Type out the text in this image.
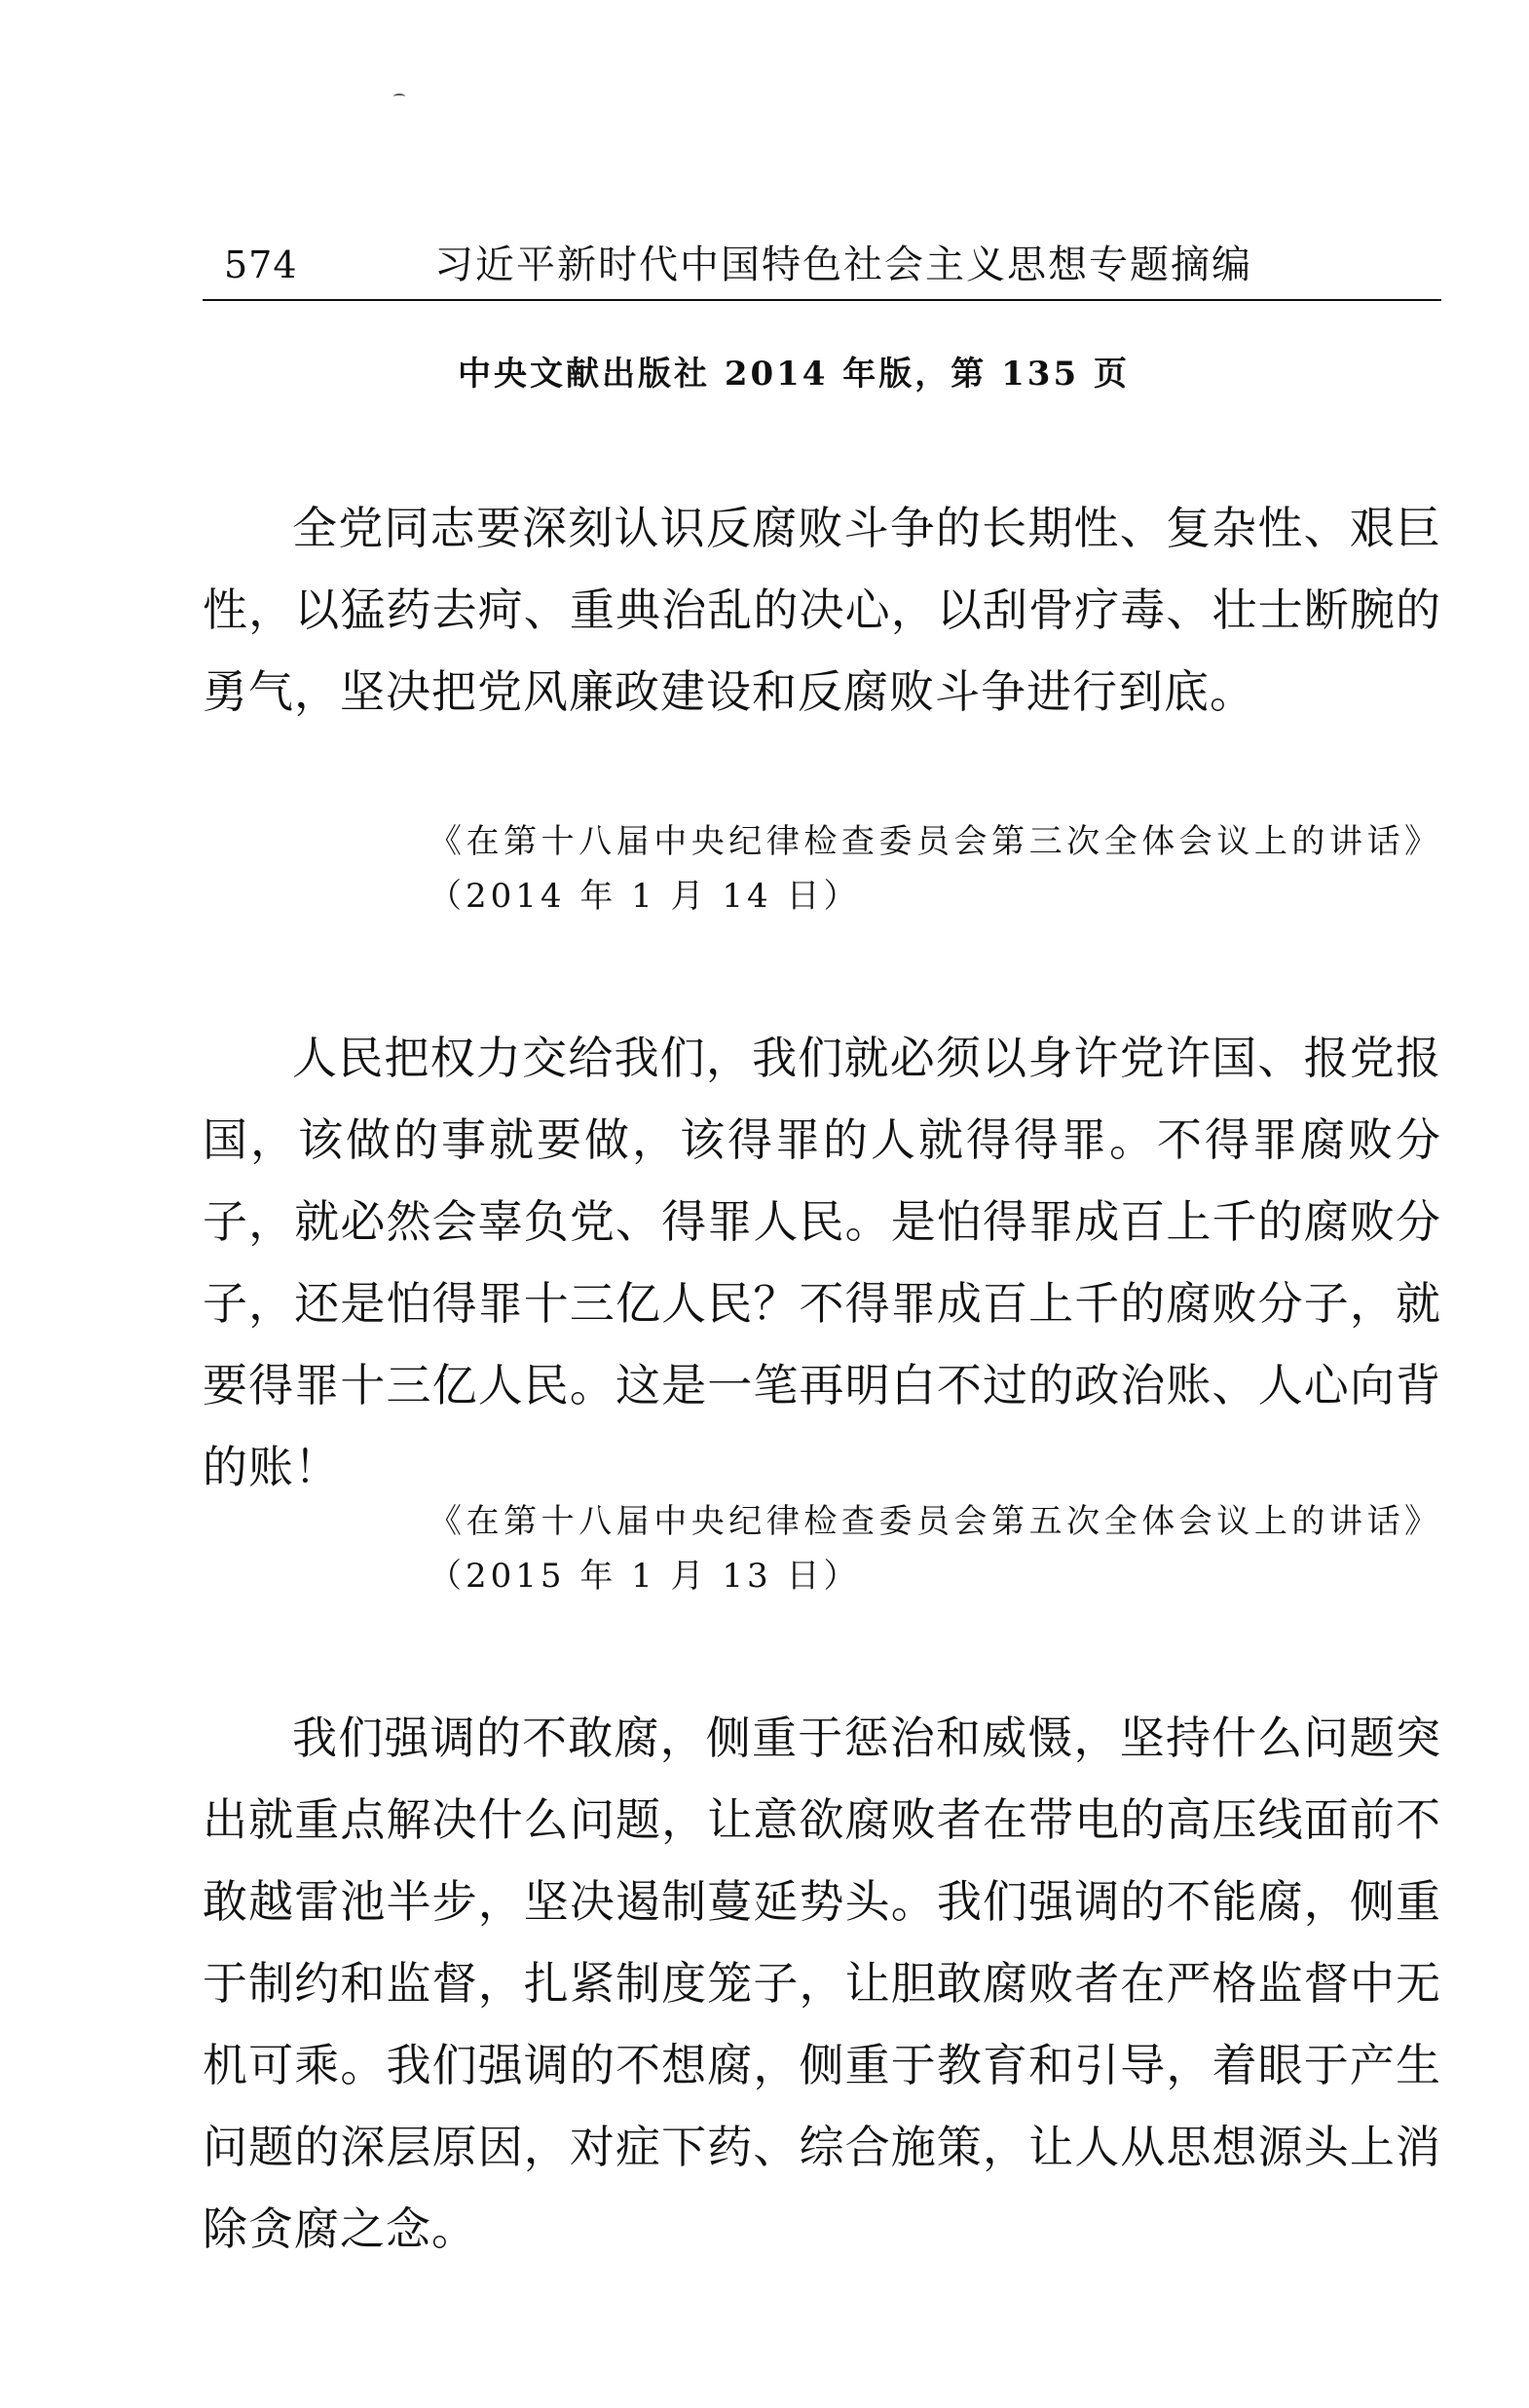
574	习近平新时代中国特色社会主义思想专题摘编
中央文献出版社 2014 年版，第 135 页

全党同志要深刻认识反腐败斗争的长期性、复杂性、艰巨性，以猛药去疴、重典治乱的决心，以刮骨疗毒、壮士断腕的勇气，坚决把党风廉政建设和反腐败斗争进行到底。

《在第十八届中央纪律检查委员会第三次全体会议上的讲话》（2014 年 1 月 14 日）

人民把权力交给我们，我们就必须以身许党许国、报党报国，该做的事就要做，该得罪的人就得得罪。不得罪腐败分子，就必然会辜负党、得罪人民。是怕得罪成百上千的腐败分子，还是怕得罪十三亿人民？不得罪成百上千的腐败分子，就要得罪十三亿人民。这是一笔再明白不过的政治账、人心向背的账！

《在第十八届中央纪律检查委员会第五次全体会议上的讲话》（2015 年 1 月 13 日）

我们强调的不敢腐，侧重于惩治和威慑，坚持什么问题突出就重点解决什么问题，让意欲腐败者在带电的高压线面前不敢越雷池半步，坚决遏制蔓延势头。我们强调的不能腐，侧重于制约和监督，扎紧制度笼子，让胆敢腐败者在严格监督中无机可乘。我们强调的不想腐，侧重于教育和引导，着眼于产生问题的深层原因，对症下药、综合施策，让人从思想源头上消除贪腐之念。
